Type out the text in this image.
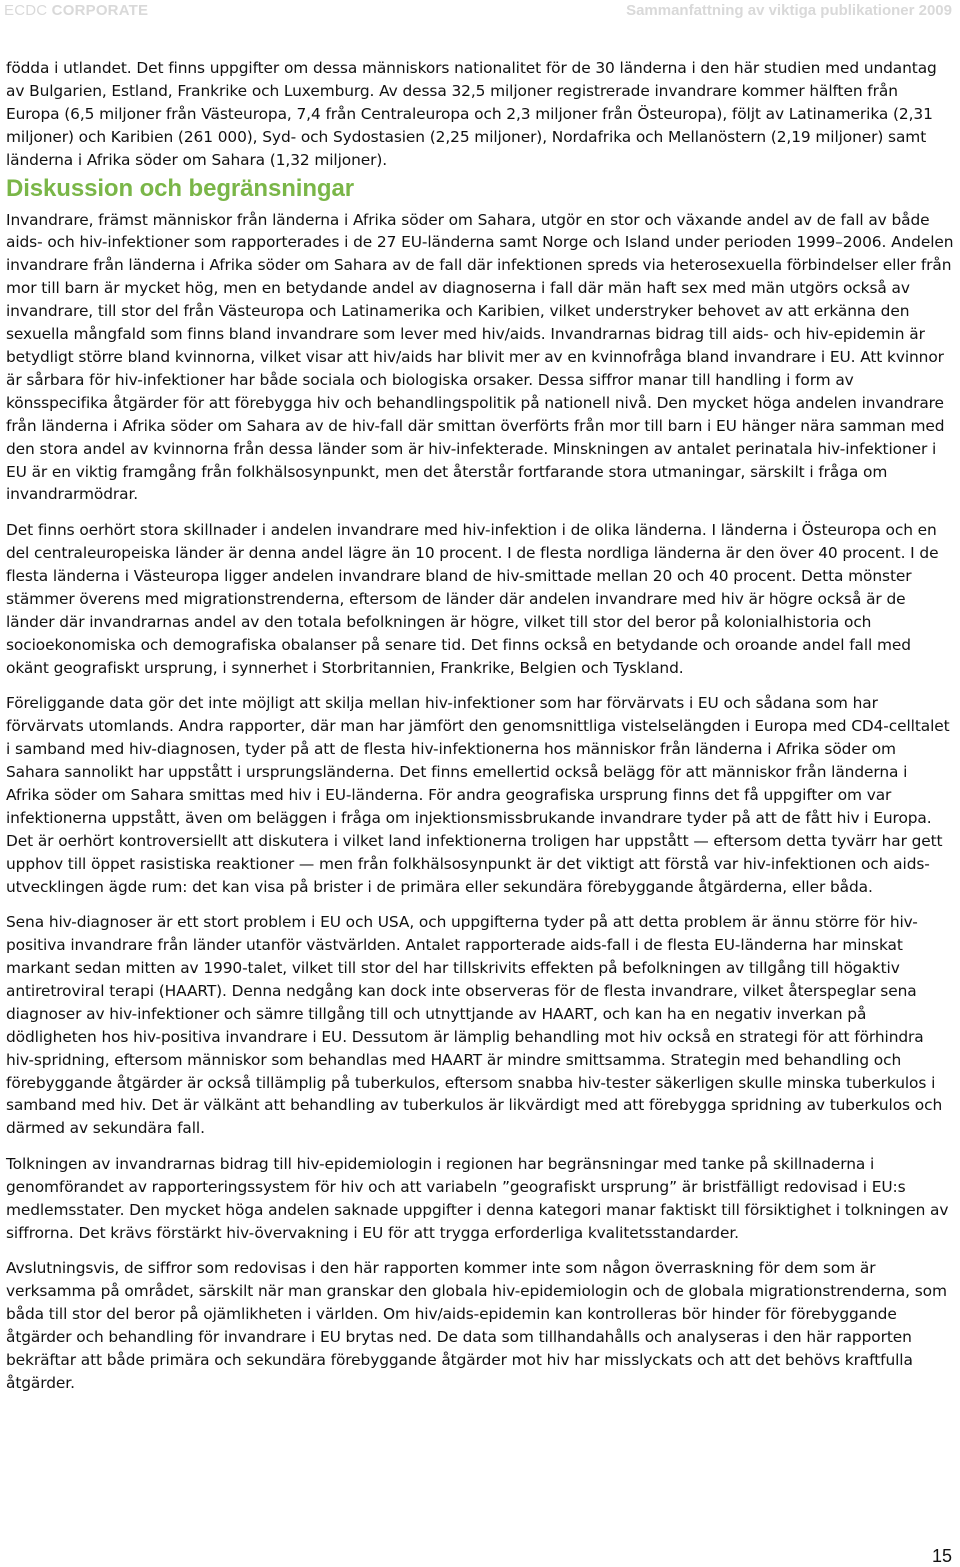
ECDC CORPORATE	Sammanfattning av viktiga publikationer 2009

födda i utlandet. Det finns uppgifter om dessa människors nationalitet för de 30 länderna i den här studien med undantag av Bulgarien, Estland, Frankrike och Luxemburg. Av dessa 32,5 miljoner registrerade invandrare kommer hälften från Europa (6,5 miljoner från Västeuropa, 7,4 från Centraleuropa och 2,3 miljoner från Östeuropa), följt av Latinamerika (2,31 miljoner) och Karibien (261 000), Syd- och Sydostasien (2,25 miljoner), Nordafrika och Mellanöstern (2,19 miljoner) samt länderna i Afrika söder om Sahara (1,32 miljoner).

Diskussion och begränsningar

Invandrare, främst människor från länderna i Afrika söder om Sahara, utgör en stor och växande andel av de fall av både aids- och hiv-infektioner som rapporterades i de 27 EU-länderna samt Norge och Island under perioden 1999–2006. Andelen invandrare från länderna i Afrika söder om Sahara av de fall där infektionen spreds via heterosexuella förbindelser eller från mor till barn är mycket hög, men en betydande andel av diagnoserna i fall där män haft sex med män utgörs också av invandrare, till stor del från Västeuropa och Latinamerika och Karibien, vilket understryker behovet av att erkänna den sexuella mångfald som finns bland invandrare som lever med hiv/aids. Invandrarnas bidrag till aids- och hiv-epidemin är betydligt större bland kvinnorna, vilket visar att hiv/aids har blivit mer av en kvinnofråga bland invandrare i EU. Att kvinnor är sårbara för hiv-infektioner har både sociala och biologiska orsaker. Dessa siffror manar till handling i form av könsspecifika åtgärder för att förebygga hiv och behandlingspolitik på nationell nivå. Den mycket höga andelen invandrare från länderna i Afrika söder om Sahara av de hiv-fall där smittan överförts från mor till barn i EU hänger nära samman med den stora andel av kvinnorna från dessa länder som är hiv-infekterade. Minskningen av antalet perinatala hiv-infektioner i EU är en viktig framgång från folkhälsosynpunkt, men det återstår fortfarande stora utmaningar, särskilt i fråga om invandrarmödrar.

Det finns oerhört stora skillnader i andelen invandrare med hiv-infektion i de olika länderna. I länderna i Östeuropa och en del centraleuropeiska länder är denna andel lägre än 10 procent. I de flesta nordliga länderna är den över 40 procent. I de flesta länderna i Västeuropa ligger andelen invandrare bland de hiv-smittade mellan 20 och 40 procent. Detta mönster stämmer överens med migrationstrenderna, eftersom de länder där andelen invandrare med hiv är högre också är de länder där invandrarnas andel av den totala befolkningen är högre, vilket till stor del beror på kolonialhistoria och socioekonomiska och demografiska obalanser på senare tid. Det finns också en betydande och oroande andel fall med okänt geografiskt ursprung, i synnerhet i Storbritannien, Frankrike, Belgien och Tyskland.

Föreliggande data gör det inte möjligt att skilja mellan hiv-infektioner som har förvärvats i EU och sådana som har förvärvats utomlands. Andra rapporter, där man har jämfört den genomsnittliga vistelselängden i Europa med CD4-celltalet i samband med hiv-diagnosen, tyder på att de flesta hiv-infektionerna hos människor från länderna i Afrika söder om Sahara sannolikt har uppstått i ursprungsländerna. Det finns emellertid också belägg för att människor från länderna i Afrika söder om Sahara smittas med hiv i EU-länderna. För andra geografiska ursprung finns det få uppgifter om var infektionerna uppstått, även om beläggen i fråga om injektionsmissbrukande invandrare tyder på att de fått hiv i Europa. Det är oerhört kontroversiellt att diskutera i vilket land infektionerna troligen har uppstått — eftersom detta tyvärr har gett upphov till öppet rasistiska reaktioner — men från folkhälsosynpunkt är det viktigt att förstå var hiv-infektionen och aids-utvecklingen ägde rum: det kan visa på brister i de primära eller sekundära förebyggande åtgärderna, eller båda.

Sena hiv-diagnoser är ett stort problem i EU och USA, och uppgifterna tyder på att detta problem är ännu större för hiv-positiva invandrare från länder utanför västvärlden. Antalet rapporterade aids-fall i de flesta EU-länderna har minskat markant sedan mitten av 1990-talet, vilket till stor del har tillskrivits effekten på befolkningen av tillgång till högaktiv antiretroviral terapi (HAART). Denna nedgång kan dock inte observeras för de flesta invandrare, vilket återspeglar sena diagnoser av hiv-infektioner och sämre tillgång till och utnyttjande av HAART, och kan ha en negativ inverkan på dödligheten hos hiv-positiva invandrare i EU. Dessutom är lämplig behandling mot hiv också en strategi för att förhindra hiv-spridning, eftersom människor som behandlas med HAART är mindre smittsamma. Strategin med behandling och förebyggande åtgärder är också tillämplig på tuberkulos, eftersom snabba hiv-tester säkerligen skulle minska tuberkulos i samband med hiv. Det är välkänt att behandling av tuberkulos är likvärdigt med att förebygga spridning av tuberkulos och därmed av sekundära fall.

Tolkningen av invandrarnas bidrag till hiv-epidemiologin i regionen har begränsningar med tanke på skillnaderna i genomförandet av rapporteringssystem för hiv och att variabeln ”geografiskt ursprung” är bristfälligt redovisad i EU:s medlemsstater. Den mycket höga andelen saknade uppgifter i denna kategori manar faktiskt till försiktighet i tolkningen av siffrorna. Det krävs förstärkt hiv-övervakning i EU för att trygga erforderliga kvalitetsstandarder.

Avslutningsvis, de siffror som redovisas i den här rapporten kommer inte som någon överraskning för dem som är verksamma på området, särskilt när man granskar den globala hiv-epidemiologin och de globala migrationstrenderna, som båda till stor del beror på ojämlikheten i världen. Om hiv/aids-epidemin kan kontrolleras bör hinder för förebyggande åtgärder och behandling för invandrare i EU brytas ned. De data som tillhandahålls och analyseras i den här rapporten bekräftar att både primära och sekundära förebyggande åtgärder mot hiv har misslyckats och att det behövs kraftfulla åtgärder.

15
